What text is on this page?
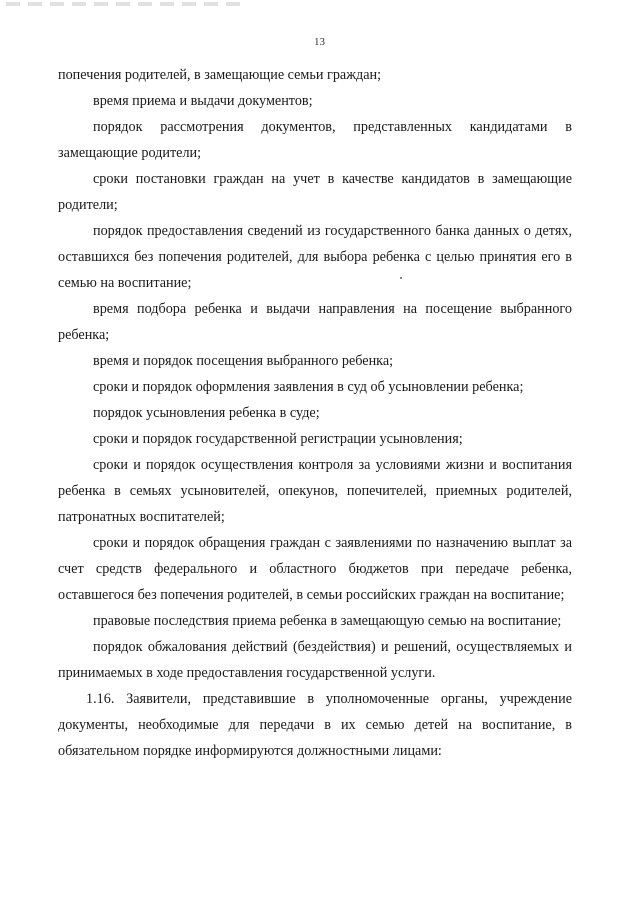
13

попечения родителей, в замещающие семьи граждан;

время приема и выдачи документов;

порядок рассмотрения документов, представленных кандидатами в замещающие родители;

сроки постановки граждан на учет в качестве кандидатов в замещающие родители;

порядок предоставления сведений из государственного банка данных о детях, оставшихся без попечения родителей, для выбора ребенка с целью принятия его в семью на воспитание;

время подбора ребенка и выдачи направления на посещение выбранного ребенка;

время и порядок посещения выбранного ребенка;

сроки и порядок оформления заявления в суд об усыновлении ребенка;

порядок усыновления ребенка в суде;

сроки и порядок государственной регистрации усыновления;

сроки и порядок осуществления контроля за условиями жизни и воспитания ребенка в семьях усыновителей, опекунов, попечителей, приемных родителей, патронатных воспитателей;

сроки и порядок обращения граждан с заявлениями по назначению выплат за счет средств федерального и областного бюджетов при передаче ребенка, оставшегося без попечения родителей, в семьи российских граждан на воспитание;

правовые последствия приема ребенка в замещающую семью на воспитание;

порядок обжалования действий (бездействия) и решений, осуществляемых и принимаемых в ходе предоставления государственной услуги.

1.16. Заявители, представившие в уполномоченные органы, учреждение документы, необходимые для передачи в их семью детей на воспитание, в обязательном порядке информируются должностными лицами:
